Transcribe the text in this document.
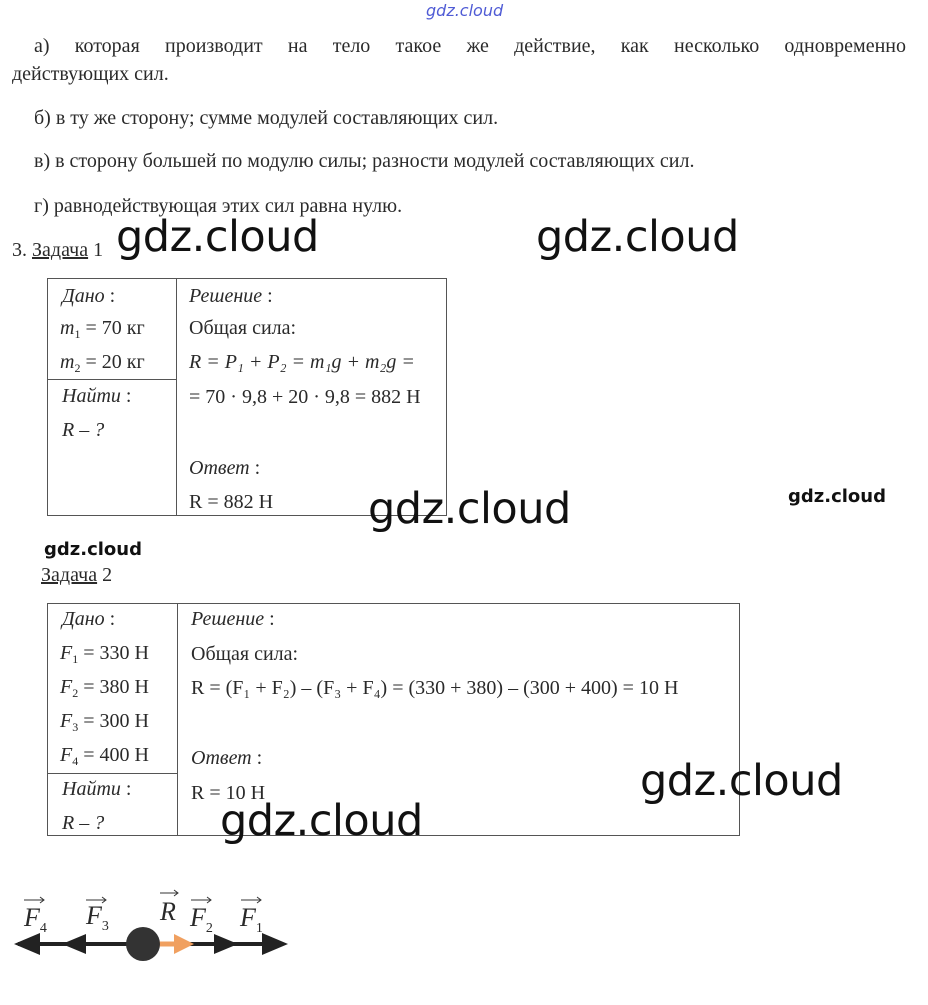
gdz.cloud
а) которая производит на тело такое же действие, как несколько одновременно
действующих сил.
б) в ту же сторону; сумме модулей составляющих сил.
в) в сторону большей по модулю силы; разности модулей составляющих сил.
г) равнодействующая этих сил равна нулю.
3. Задача 1
Дано :
$m_1 = 70$ кг
$m_2 = 20$ кг
Найти :
R – ?
Решение :
Общая сила:
R = P₁ + P₂ = m₁g + m₂g =
= 70 · 9,8 + 20 · 9,8 = 882 Н
Ответ :
R = 882 Н
Задача 2
Дано :
$F_1 = 330$ Н
$F_2 = 380$ Н
$F_3 = 300$ Н
$F_4 = 400$ Н
Найти :
R – ?
Решение :
Общая сила:
R = (F₁ + F₂) – (F₃ + F₄) = (330 + 380) – (300 + 400) = 10 Н
Ответ :
R = 10 Н
$F_4$ $F_3$
R $F_2$ $F_1$
gdz.cloud	gdz.cloud
gdz.cloud	gdz.cloud
gdz.cloud
gdz.cloud
gdz.cloud
